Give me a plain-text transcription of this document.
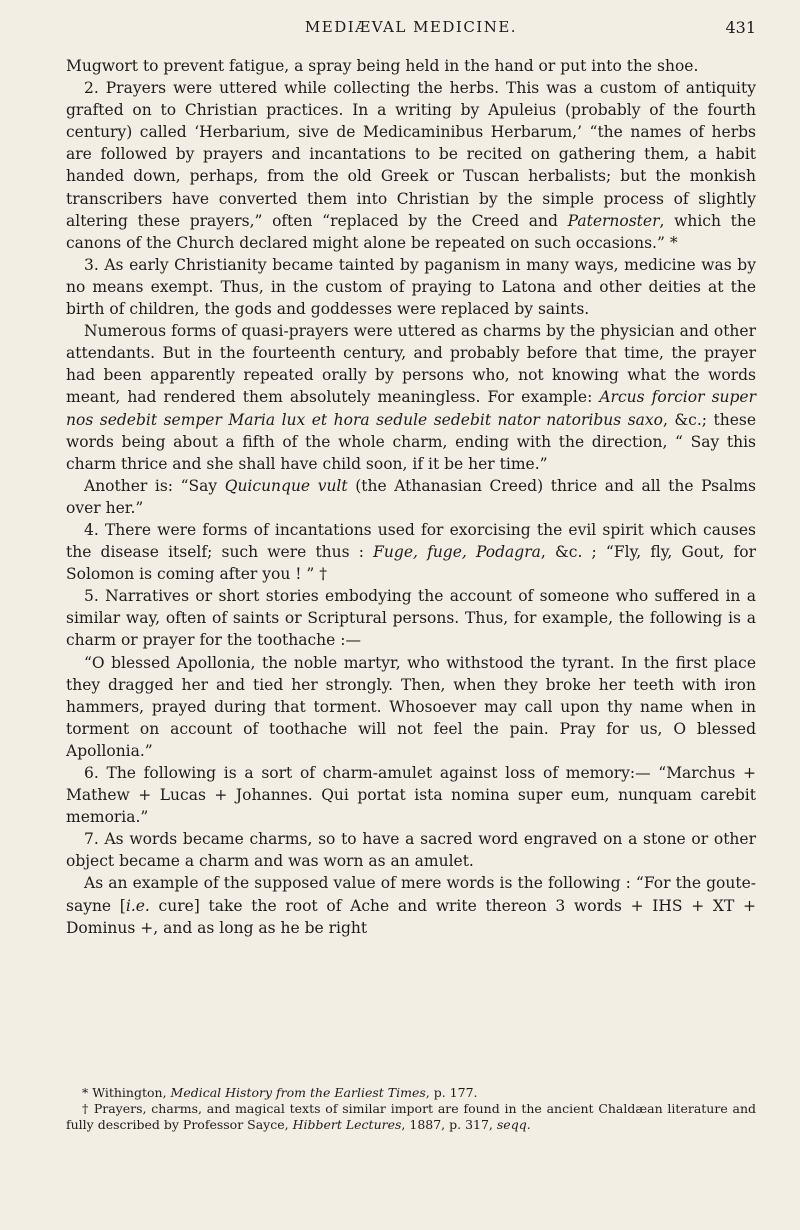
MEDIÆVAL MEDICINE.	431

Mugwort to prevent fatigue, a spray being held in the hand or put into the shoe.

2. Prayers were uttered while collecting the herbs. This was a custom of antiquity grafted on to Christian practices. In a writing by Apuleius (probably of the fourth century) called ‘Herbarium, sive de Medicaminibus Herbarum,’ “the names of herbs are followed by prayers and incantations to be recited on gathering them, a habit handed down, perhaps, from the old Greek or Tuscan herbalists; but the monkish transcribers have converted them into Christian by the simple process of slightly altering these prayers,” often “replaced by the Creed and Paternoster, which the canons of the Church declared might alone be repeated on such occasions.” *

3. As early Christianity became tainted by paganism in many ways, medicine was by no means exempt. Thus, in the custom of praying to Latona and other deities at the birth of children, the gods and goddesses were replaced by saints.

Numerous forms of quasi-prayers were uttered as charms by the physician and other attendants. But in the fourteenth century, and probably before that time, the prayer had been apparently repeated orally by persons who, not knowing what the words meant, had rendered them absolutely meaningless. For example: Arcus forcior super nos sedebit semper Maria lux et hora sedule sedebit nator natoribus saxo, &c.; these words being about a fifth of the whole charm, ending with the direction, “ Say this charm thrice and she shall have child soon, if it be her time.”

Another is: “Say Quicunque vult (the Athanasian Creed) thrice and all the Psalms over her.”

4. There were forms of incantations used for exorcising the evil spirit which causes the disease itself; such were thus : Fuge, fuge, Podagra, &c. ; “Fly, fly, Gout, for Solomon is coming after you ! ” †

5. Narratives or short stories embodying the account of someone who suffered in a similar way, often of saints or Scriptural persons. Thus, for example, the following is a charm or prayer for the toothache :—

“O blessed Apollonia, the noble martyr, who withstood the tyrant. In the first place they dragged her and tied her strongly. Then, when they broke her teeth with iron hammers, prayed during that torment. Whosoever may call upon thy name when in torment on account of toothache will not feel the pain. Pray for us, O blessed Apollonia.”

6. The following is a sort of charm-amulet against loss of memory:— “Marchus + Mathew + Lucas + Johannes. Qui portat ista nomina super eum, nunquam carebit memoria.”

7. As words became charms, so to have a sacred word engraved on a stone or other object became a charm and was worn as an amulet.

As an example of the supposed value of mere words is the following : “For the goute-sayne [i.e. cure] take the root of Ache and write thereon 3 words + IHS + XT + Dominus +, and as long as he be right

* Withington, Medical History from the Earliest Times, p. 177.

† Prayers, charms, and magical texts of similar import are found in the ancient Chaldæan literature and fully described by Professor Sayce, Hibbert Lectures, 1887, p. 317, seqq.
